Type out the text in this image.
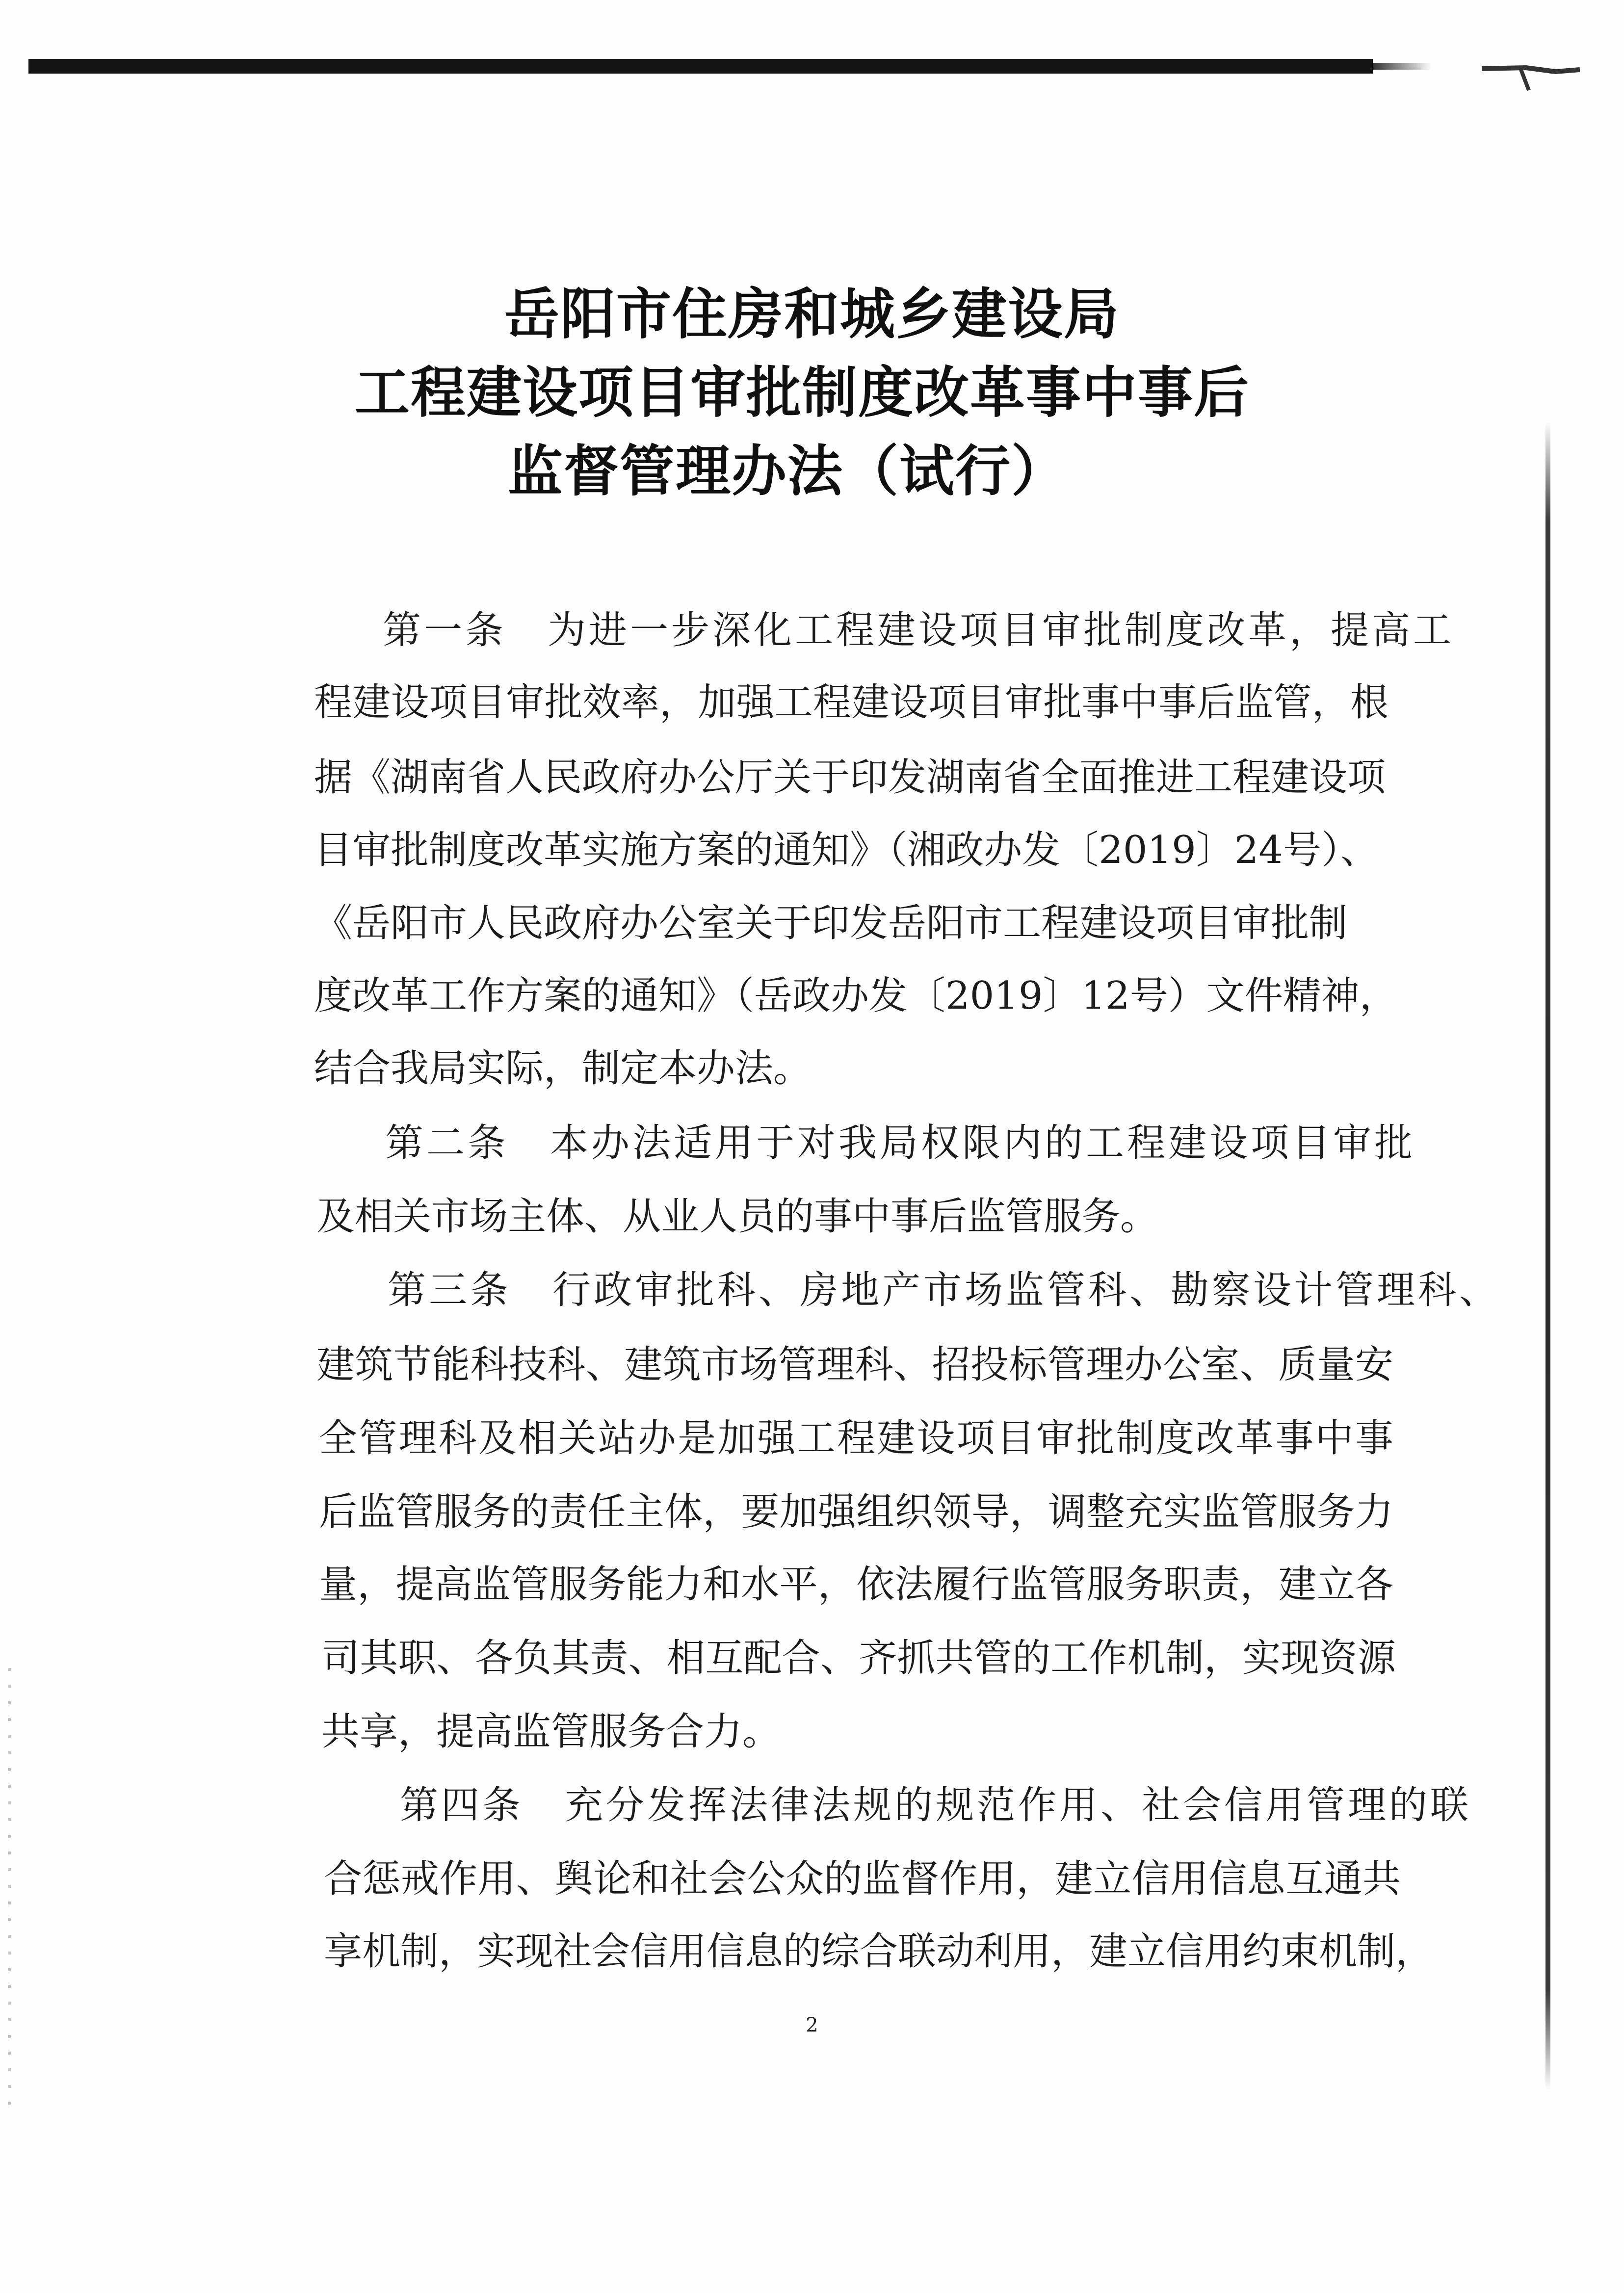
岳阳市住房和城乡建设局
工程建设项目审批制度改革事中事后
监督管理办法（试行）
第一条　为进一步深化工程建设项目审批制度改革，提高工
程建设项目审批效率，加强工程建设项目审批事中事后监管，根
据《湖南省人民政府办公厅关于印发湖南省全面推进工程建设项
目审批制度改革实施方案的通知》（湘政办发〔2019〕24号）、
《岳阳市人民政府办公室关于印发岳阳市工程建设项目审批制
度改革工作方案的通知》（岳政办发〔2019〕12号）文件精神，
结合我局实际，制定本办法。
第二条　本办法适用于对我局权限内的工程建设项目审批
及相关市场主体、从业人员的事中事后监管服务。
第三条　行政审批科、房地产市场监管科、勘察设计管理科、
建筑节能科技科、建筑市场管理科、招投标管理办公室、质量安
全管理科及相关站办是加强工程建设项目审批制度改革事中事
后监管服务的责任主体，要加强组织领导，调整充实监管服务力
量，提高监管服务能力和水平，依法履行监管服务职责，建立各
司其职、各负其责、相互配合、齐抓共管的工作机制，实现资源
共享，提高监管服务合力。
第四条　充分发挥法律法规的规范作用、社会信用管理的联
合惩戒作用、舆论和社会公众的监督作用，建立信用信息互通共
享机制，实现社会信用信息的综合联动利用，建立信用约束机制，
2
